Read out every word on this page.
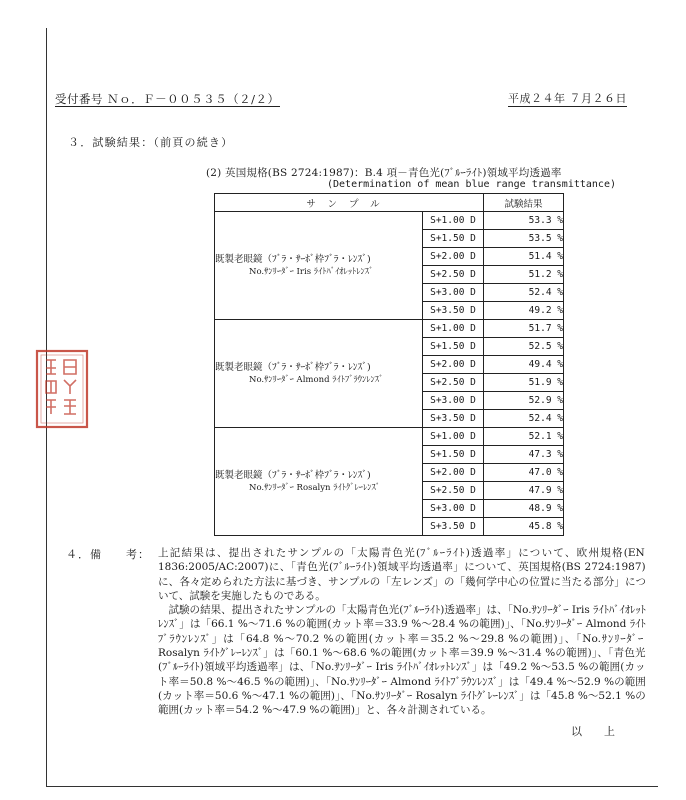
受付番号 Ｎｏ．Ｆ－００５３５（２/２）	平成２４年 ７月２６日
３．試験結果：（前頁の続き）
(2) 英国規格(BS 2724:1987)：B.4 項－青色光(ﾌﾞﾙｰﾗｲﾄ)領域平均透過率
(Determination of mean blue range transmittance)
サンプル		試験結果
既製老眼鏡（ﾌﾞﾗ・ｻｰﾎﾞ枠ﾌﾞﾗ・ﾚﾝｽﾞ)

No.ｻﾝﾘｰﾀﾞｰ Iris ﾗｲﾄﾊﾞｲｵﾚｯﾄﾚﾝｽﾞ	S+1.00 D	53.3 %
	S+1.50 D	53.5 %
	S+2.00 D	51.4 %
	S+2.50 D	51.2 %
	S+3.00 D	52.4 %
	S+3.50 D	49.2 %
既製老眼鏡（ﾌﾞﾗ・ｻｰﾎﾞ枠ﾌﾞﾗ・ﾚﾝｽﾞ)

No.ｻﾝﾘｰﾀﾞｰ Almond ﾗｲﾄﾌﾞﾗｳﾝﾚﾝｽﾞ	S+1.00 D	51.7 %
	S+1.50 D	52.5 %
	S+2.00 D	49.4 %
	S+2.50 D	51.9 %
	S+3.00 D	52.9 %
	S+3.50 D	52.4 %
既製老眼鏡（ﾌﾞﾗ・ｻｰﾎﾞ枠ﾌﾞﾗ・ﾚﾝｽﾞ)

No.ｻﾝﾘｰﾀﾞｰ Rosalyn ﾗｲﾄｸﾞﾚｰﾚﾝｽﾞ	S+1.00 D	52.1 %
	S+1.50 D	47.3 %
	S+2.00 D	47.0 %
	S+2.50 D	47.9 %
	S+3.00 D	48.9 %
	S+3.50 D	45.8 %
４．備　　考： 上記結果は、提出されたサンプルの「太陽青色光(ﾌﾞﾙｰﾗｲﾄ)透過率」について、欧州規格(EN 1836:2005/AC:2007)に、「青色光(ﾌﾞﾙｰﾗｲﾄ)領域平均透過率」について、英国規格(BS 2724:1987)に、各々定められた方法に基づき、サンプルの「左レンズ」の「幾何学中心の位置に当たる部分」について、試験を実施したものである。

試験の結果、提出されたサンプルの「太陽青色光(ﾌﾞﾙｰﾗｲﾄ)透過率」は、「No.ｻﾝﾘｰﾀﾞｰ Iris ﾗｲﾄﾊﾞｲｵﾚｯﾄﾚﾝｽﾞ」は「66.1 %～71.6 %の範囲(カット率＝33.9 %～28.4 %の範囲)」、「No.ｻﾝﾘｰﾀﾞｰ Almond ﾗｲﾄﾌﾞﾗｳﾝﾚﾝｽﾞ」は「64.8 %～70.2 %の範囲(カット率＝35.2 %～29.8 %の範囲)」、「No.ｻﾝﾘｰﾀﾞｰ Rosalyn ﾗｲﾄｸﾞﾚｰﾚﾝｽﾞ」は「60.1 %～68.6 %の範囲(カット率＝39.9 %～31.4 %の範囲)」、「青色光(ﾌﾞﾙｰﾗｲﾄ)領域平均透過率」は、「No.ｻﾝﾘｰﾀﾞｰ Iris ﾗｲﾄﾊﾞｲｵﾚｯﾄﾚﾝｽﾞ」は「49.2 %～53.5 %の範囲(カット率＝50.8 %～46.5 %の範囲)」、「No.ｻﾝﾘｰﾀﾞｰ Almond ﾗｲﾄﾌﾞﾗｳﾝﾚﾝｽﾞ」は「49.4 %～52.9 %の範囲(カット率＝50.6 %～47.1 %の範囲)」、「No.ｻﾝﾘｰﾀﾞｰ Rosalyn ﾗｲﾄｸﾞﾚｰﾚﾝｽﾞ」は「45.8 %～52.1 %の範囲(カット率＝54.2 %～47.9 %の範囲)」と、各々計測されている。

以上
